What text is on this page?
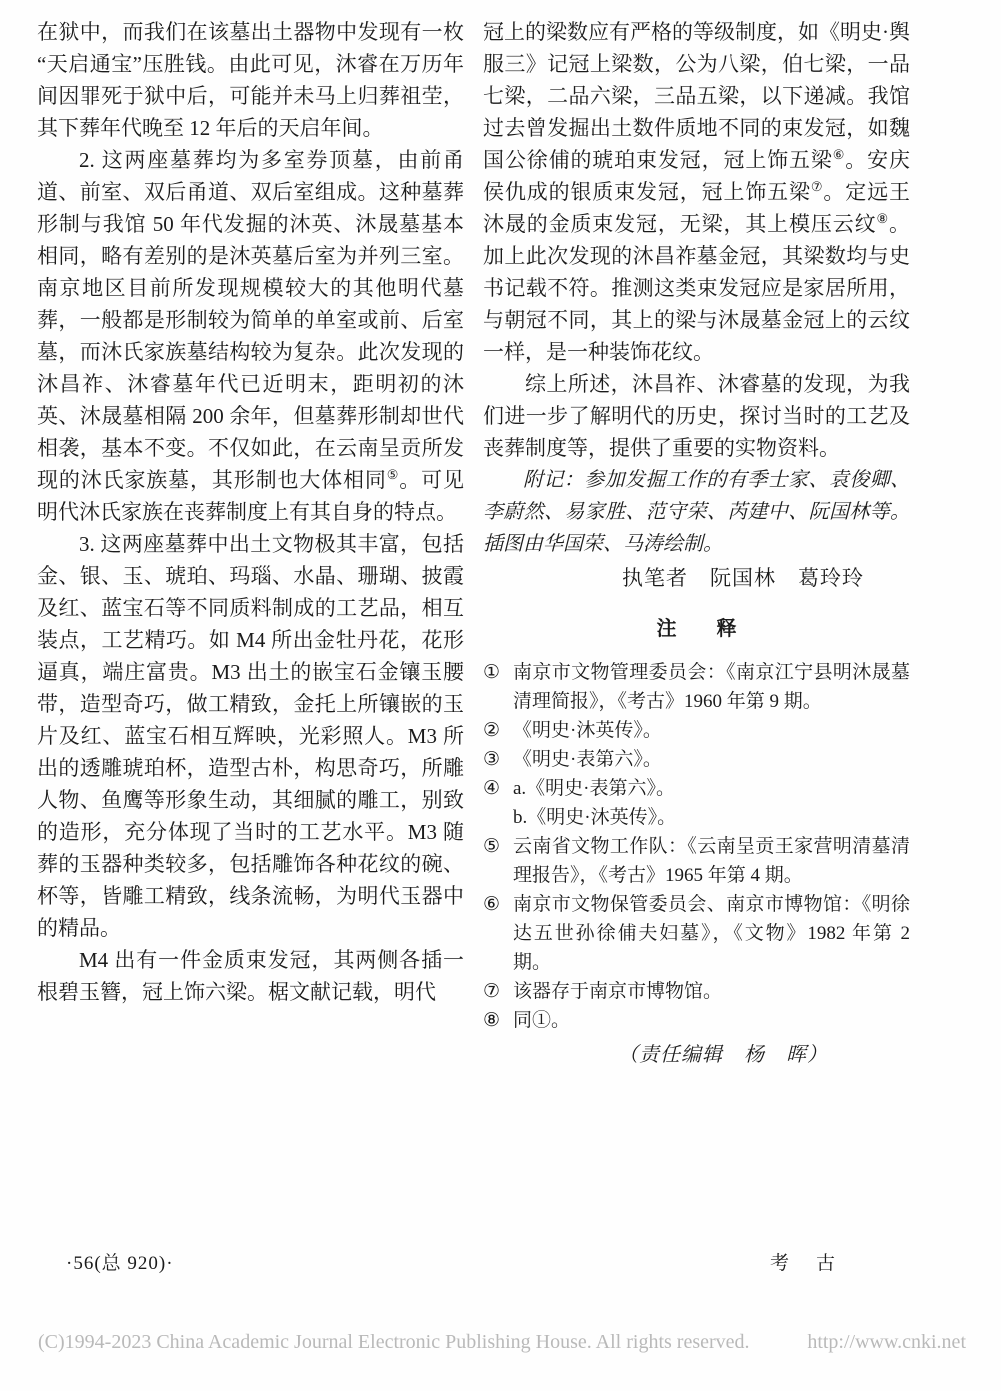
在狱中，而我们在该墓出土器物中发现有一枚“天启通宝”压胜钱。由此可见，沐睿在万历年间因罪死于狱中后，可能并未马上归葬祖茔，其下葬年代晚至 12 年后的天启年间。

2. 这两座墓葬均为多室券顶墓，由前甬道、前室、双后甬道、双后室组成。这种墓葬形制与我馆 50 年代发掘的沐英、沐晟墓基本相同，略有差别的是沐英墓后室为并列三室。南京地区目前所发现规模较大的其他明代墓葬，一般都是形制较为简单的单室或前、后室墓，而沐氏家族墓结构较为复杂。此次发现的沐昌祚、沐睿墓年代已近明末，距明初的沐英、沐晟墓相隔 200 余年，但墓葬形制却世代相袭，基本不变。不仅如此，在云南呈贡所发现的沐氏家族墓，其形制也大体相同⑤。可见明代沐氏家族在丧葬制度上有其自身的特点。

3. 这两座墓葬中出土文物极其丰富，包括金、银、玉、琥珀、玛瑙、水晶、珊瑚、披霞及红、蓝宝石等不同质料制成的工艺品，相互装点，工艺精巧。如 M4 所出金牡丹花，花形逼真，端庄富贵。M3 出土的嵌宝石金镶玉腰带，造型奇巧，做工精致，金托上所镶嵌的玉片及红、蓝宝石相互辉映，光彩照人。M3 所出的透雕琥珀杯，造型古朴，构思奇巧，所雕人物、鱼鹰等形象生动，其细腻的雕工，别致的造形，充分体现了当时的工艺水平。M3 随葬的玉器种类较多，包括雕饰各种花纹的碗、杯等，皆雕工精致，线条流畅，为明代玉器中的精品。

M4 出有一件金质束发冠，其两侧各插一根碧玉簪，冠上饰六梁。椐文献记载，明代

冠上的梁数应有严格的等级制度，如《明史·舆服三》记冠上梁数，公为八梁，伯七梁，一品七梁，二品六梁，三品五梁，以下递减。我馆过去曾发掘出土数件质地不同的束发冠，如魏国公徐俌的琥珀束发冠，冠上饰五梁⑥。安庆侯仇成的银质束发冠，冠上饰五梁⑦。定远王沐晟的金质束发冠，无梁，其上模压云纹⑧。加上此次发现的沐昌祚墓金冠，其梁数均与史书记载不符。推测这类束发冠应是家居所用，与朝冠不同，其上的梁与沐晟墓金冠上的云纹一样，是一种装饰花纹。

综上所述，沐昌祚、沐睿墓的发现，为我们进一步了解明代的历史，探讨当时的工艺及丧葬制度等，提供了重要的实物资料。

附记：参加发掘工作的有季士家、袁俊卿、李蔚然、易家胜、范守荣、芮建中、阮国林等。插图由华国荣、马涛绘制。

执笔者　阮国林　葛玲玲

注　　释
① 南京市文物管理委员会：《南京江宁县明沐晟墓清理简报》，《考古》1960 年第 9 期。
② 《明史·沐英传》。
③ 《明史·表第六》。
④ a.《明史·表第六》。
b.《明史·沐英传》。
⑤ 云南省文物工作队：《云南呈贡王家营明清墓清理报告》，《考古》1965 年第 4 期。
⑥ 南京市文物保管委员会、南京市博物馆：《明徐达五世孙徐俌夫妇墓》，《文物》1982 年第 2 期。
⑦ 该器存于南京市博物馆。
⑧ 同①。

（责任编辑　杨　晖）

·56(总 920)·	考　古
(C)1994-2023 China Academic Journal Electronic Publishing House. All rights reserved.	http://www.cnki.net
